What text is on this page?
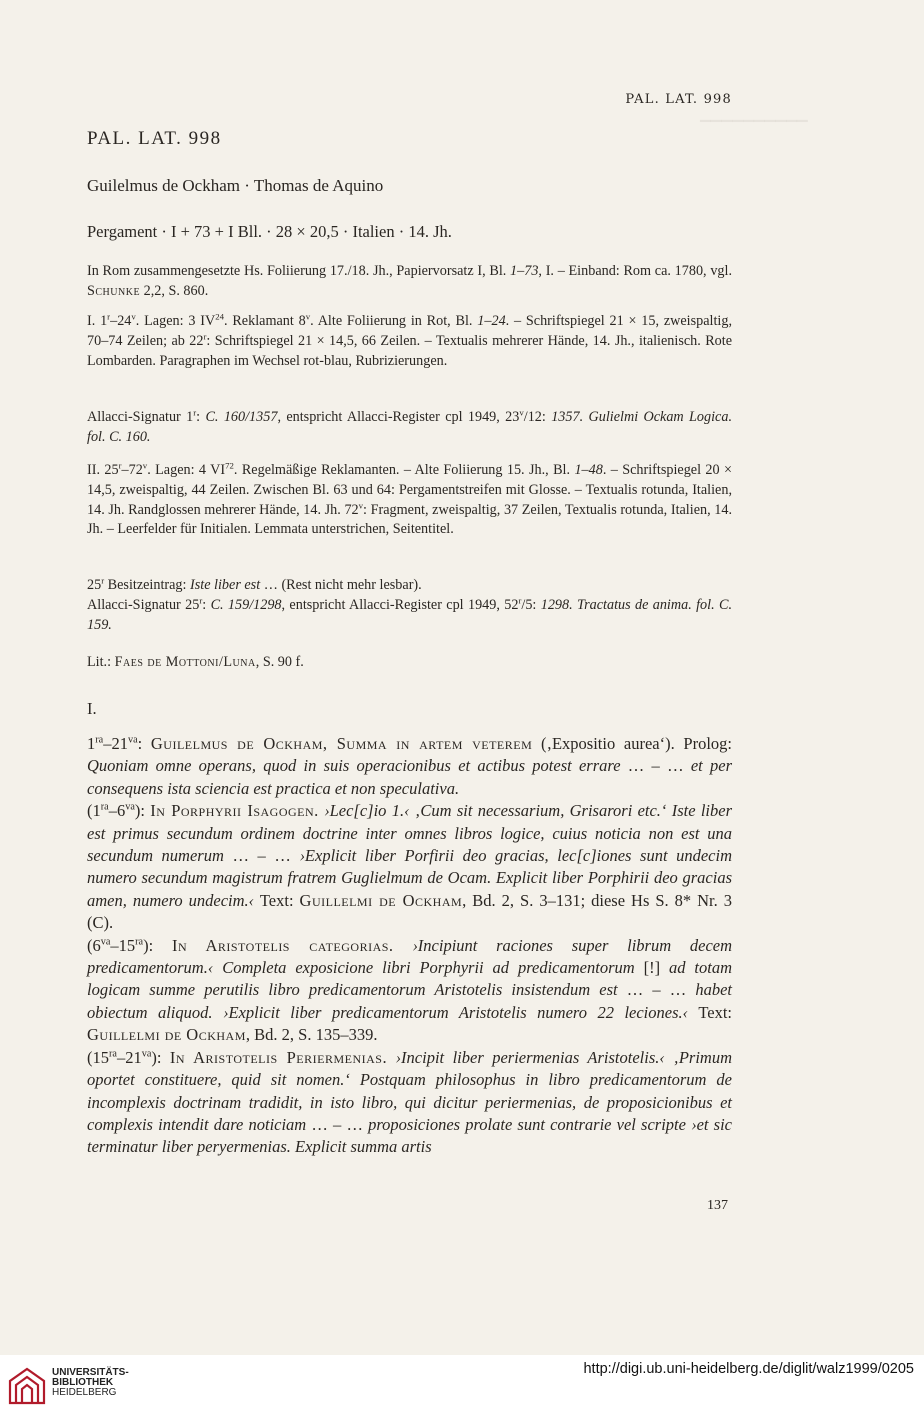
▔▔▔▔▔▔▔▔▔▔
PAL. LAT. 998
PAL. LAT. 998
Guilelmus de Ockham · Thomas de Aquino
Pergament · I + 73 + I Bll. · 28 × 20,5 · Italien · 14. Jh.
In Rom zusammengesetzte Hs. Foliierung 17./18. Jh., Papiervorsatz I, Bl. 1–73, I. – Einband: Rom ca. 1780, vgl. Schunke 2,2, S. 860.
I. 1$^r$–24$^v$. Lagen: 3 IV$^{24}$. Reklamant 8$^v$. Alte Foliierung in Rot, Bl. 1–24. – Schriftspiegel 21 × 15, zweispaltig, 70–74 Zeilen; ab 22$^r$: Schriftspiegel 21 × 14,5, 66 Zeilen. – Textualis mehrerer Hände, 14. Jh., italienisch. Rote Lombarden. Paragraphen im Wechsel rot-blau, Rubrizierungen.
Allacci-Signatur 1$^r$: C. 160/1357, entspricht Allacci-Register cpl 1949, 23$^v$/12: 1357. Gulielmi Ockam Logica. fol. C. 160.
II. 25$^r$–72$^v$. Lagen: 4 VI$^{72}$. Regelmäßige Reklamanten. – Alte Foliierung 15. Jh., Bl. 1–48. – Schriftspiegel 20 × 14,5, zweispaltig, 44 Zeilen. Zwischen Bl. 63 und 64: Pergamentstreifen mit Glosse. – Textualis rotunda, Italien, 14. Jh. Randglossen mehrerer Hände, 14. Jh. 72$^v$: Fragment, zweispaltig, 37 Zeilen, Textualis rotunda, Italien, 14. Jh. – Leerfelder für Initialen. Lemmata unterstrichen, Seitentitel.
25$^r$ Besitzeintrag: Iste liber est … (Rest nicht mehr lesbar).
Allacci-Signatur 25$^r$: C. 159/1298, entspricht Allacci-Register cpl 1949, 52$^r$/5: 1298. Tractatus de anima. fol. C. 159.
Lit.: Faes de Mottoni/Luna, S. 90 f.
I.
$1^{ra}-21^{va}$: Guilelmus de Ockham, Summa in artem veterem (‚Expositio aurea‘). Prolog: Quoniam omne operans, quod in suis operacionibus et actibus potest errare … – … et per consequens ista sciencia est practica et non speculativa.
$(1^{ra}-6^{va})$: In Porphyrii Isagogen. ›Lec[c]io 1.‹ ‚Cum sit necessarium, Grisarori etc.‘ Iste liber est primus secundum ordinem doctrine inter omnes libros logice, cuius noticia non est una secundum numerum … – … ›Explicit liber Porfirii deo gracias, lec[c]iones sunt undecim numero secundum magistrum fratrem Guglielmum de Ocam. Explicit liber Porphirii deo gracias amen, numero undecim.‹ Text: Guillelmi de Ockham, Bd. 2, S. 3–131; diese Hs S. 8* Nr. 3 (C).
$(6^{va}-15^{ra})$: In Aristotelis categorias. ›Incipiunt raciones super librum decem predicamentorum.‹ Completa exposicione libri Porphyrii ad predicamentorum [!] ad totam logicam summe perutilis libro predicamentorum Aristotelis insistendum est … – … habet obiectum aliquod. ›Explicit liber predicamentorum Aristotelis numero 22 leciones.‹ Text: Guillelmi de Ockham, Bd. 2, S. 135–339.
$(15^{ra}-21^{va})$: In Aristotelis Periermenias. ›Incipit liber periermenias Aristotelis.‹ ‚Primum oportet constituere, quid sit nomen.‘ Postquam philosophus in libro predicamentorum de incomplexis doctrinam tradidit, in isto libro, qui dicitur periermenias, de proposicionibus et complexis intendit dare noticiam … – … proposiciones prolate sunt contrarie vel scripte ›et sic terminatur liber peryermenias. Explicit summa artis
137
UNIVERSITÄTS-
BIBLIOTHEK
HEIDELBERG
http://digi.ub.uni-heidelberg.de/diglit/walz1999/0205
